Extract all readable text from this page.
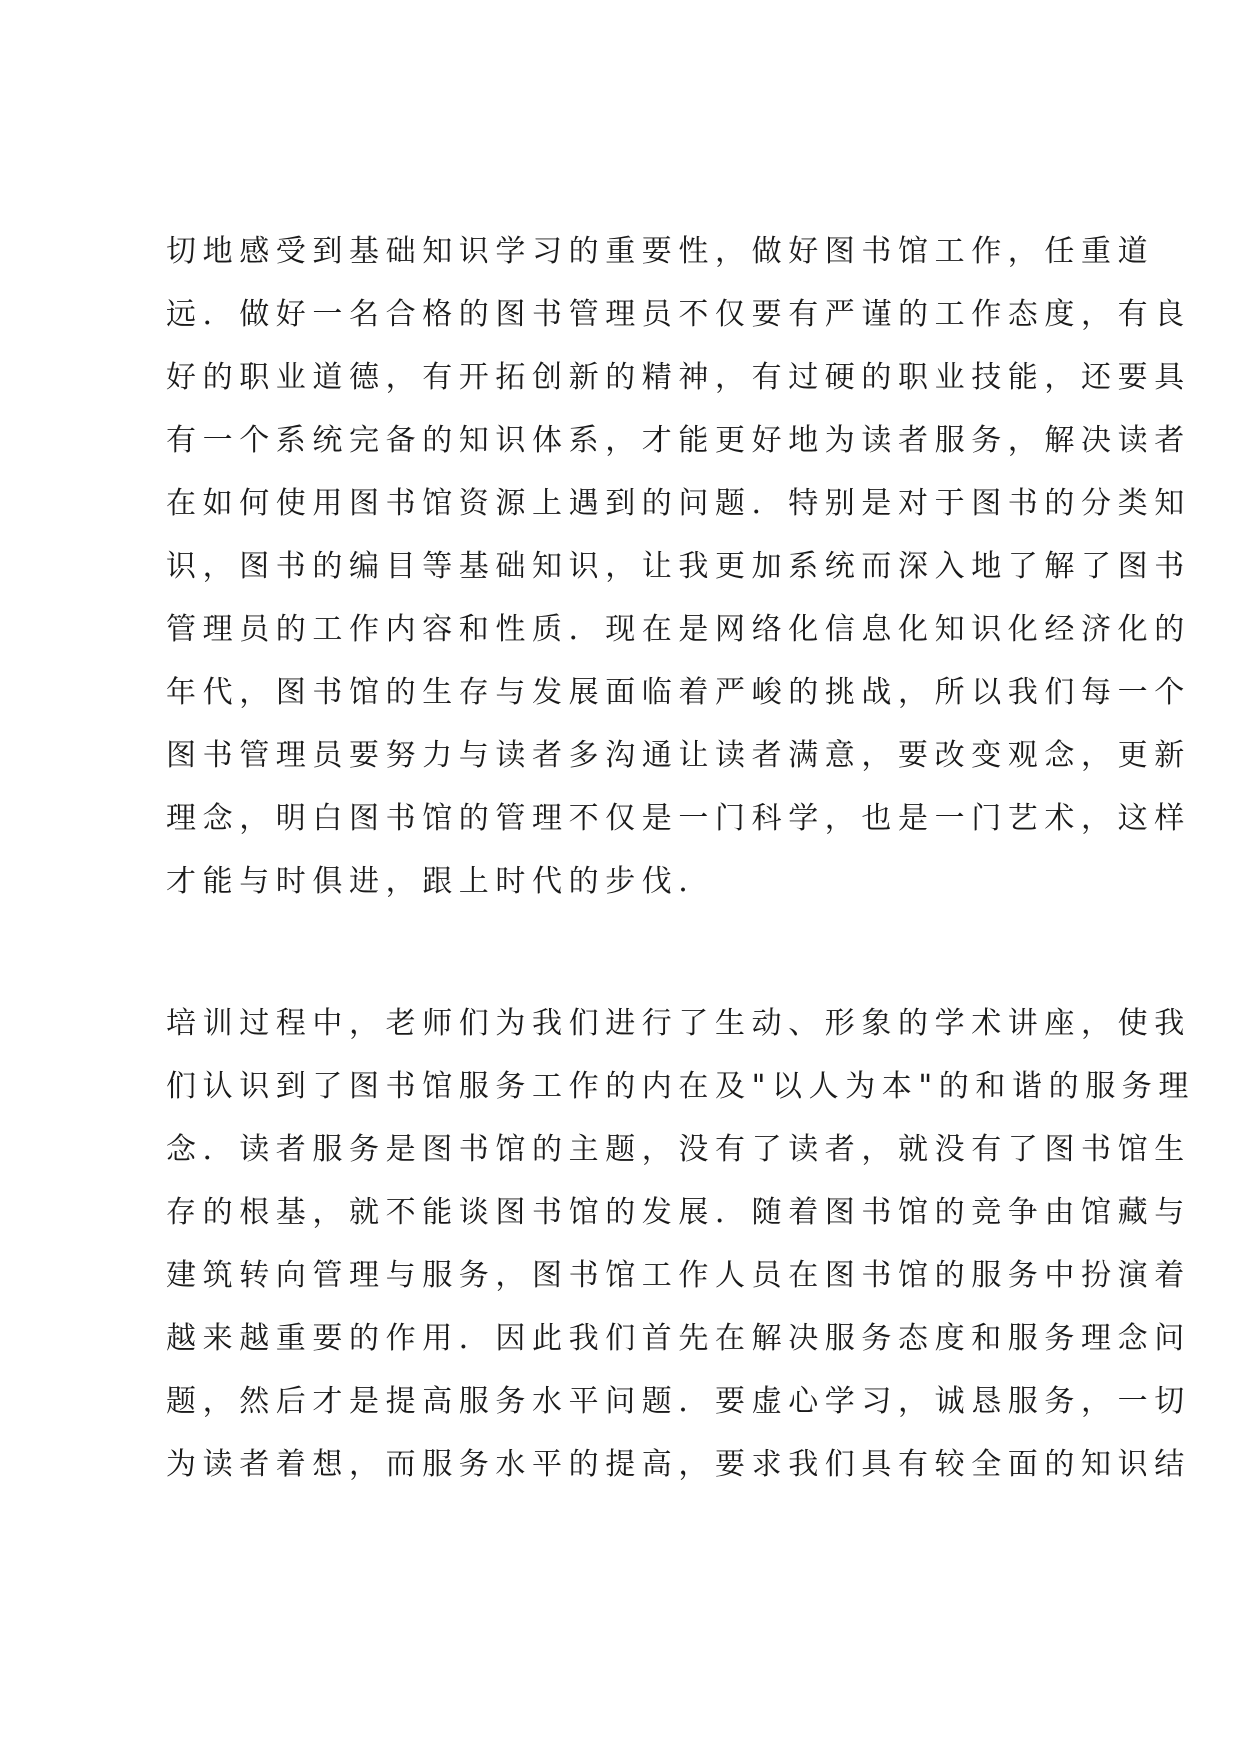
切地感受到基础知识学习的重要性，做好图书馆工作，任重道
远．做好一名合格的图书管理员不仅要有严谨的工作态度，有良
好的职业道德，有开拓创新的精神，有过硬的职业技能，还要具
有一个系统完备的知识体系，才能更好地为读者服务，解决读者
在如何使用图书馆资源上遇到的问题．特别是对于图书的分类知
识，图书的编目等基础知识，让我更加系统而深入地了解了图书
管理员的工作内容和性质．现在是网络化信息化知识化经济化的
年代，图书馆的生存与发展面临着严峻的挑战，所以我们每一个
图书管理员要努力与读者多沟通让读者满意，要改变观念，更新
理念，明白图书馆的管理不仅是一门科学，也是一门艺术，这样
才能与时俱进，跟上时代的步伐．
培训过程中，老师们为我们进行了生动、形象的学术讲座，使我
们认识到了图书馆服务工作的内在及"以人为本"的和谐的服务理
念．读者服务是图书馆的主题，没有了读者，就没有了图书馆生
存的根基，就不能谈图书馆的发展．随着图书馆的竞争由馆藏与
建筑转向管理与服务，图书馆工作人员在图书馆的服务中扮演着
越来越重要的作用．因此我们首先在解决服务态度和服务理念问
题，然后才是提高服务水平问题．要虚心学习，诚恳服务，一切
为读者着想，而服务水平的提高，要求我们具有较全面的知识结
